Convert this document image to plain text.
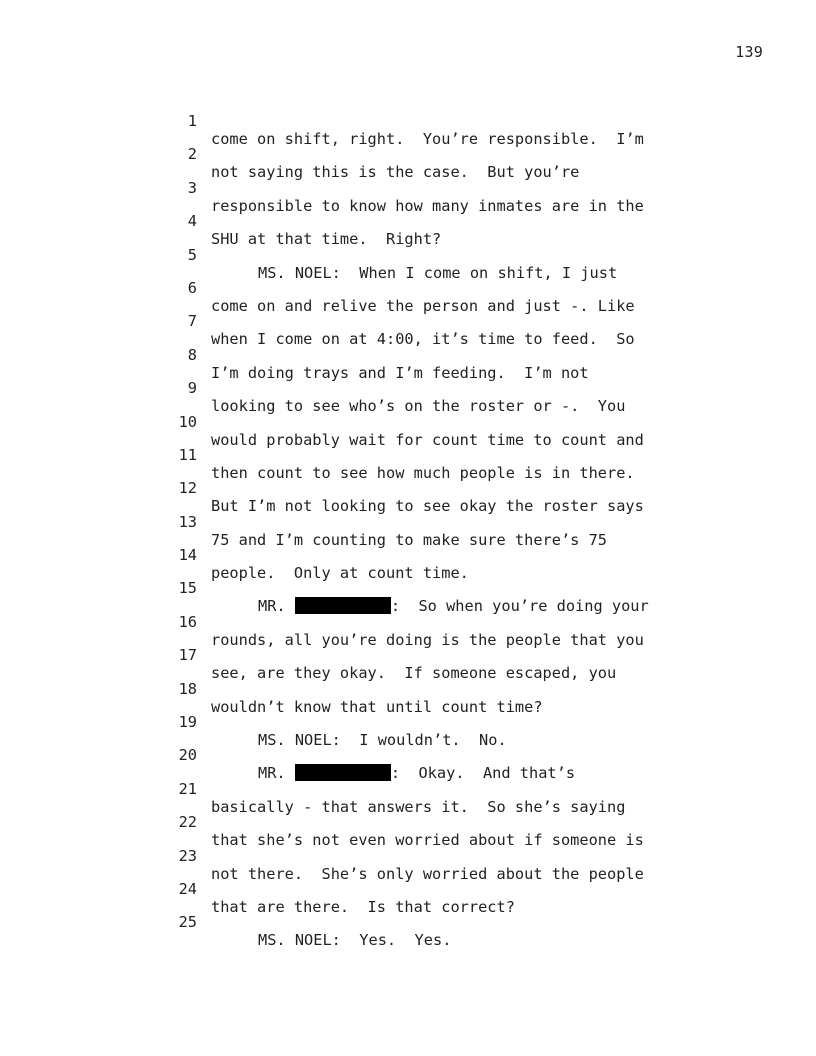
139

1

come on shift, right.  You’re responsible.  I’m

2

not saying this is the case.  But you’re

3

responsible to know how many inmates are in the

4

SHU at that time.  Right?

5

MS. NOEL:  When I come on shift, I just

6

come on and relive the person and just -. Like

7

when I come on at 4:00, it’s time to feed.  So

8

I’m doing trays and I’m feeding.  I’m not

9

looking to see who’s on the roster or -.  You

10

would probably wait for count time to count and

11

then count to see how much people is in there.

12

But I’m not looking to see okay the roster says

13

75 and I’m counting to make sure there’s 75

14

people.  Only at count time.

15

MR.	:  So when you’re doing your

16

rounds, all you’re doing is the people that you

17

see, are they okay.  If someone escaped, you

18

wouldn’t know that until count time?

19

MS. NOEL:  I wouldn’t.  No.

20

MR.	:  Okay.  And that’s

21

basically - that answers it.  So she’s saying

22

that she’s not even worried about if someone is

23

not there.  She’s only worried about the people

24

that are there.  Is that correct?

25

MS. NOEL:  Yes.  Yes.
